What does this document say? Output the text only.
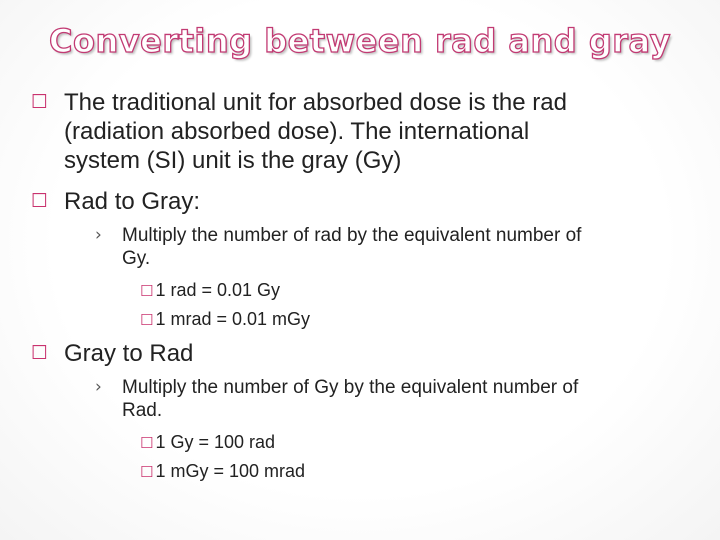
Converting between rad and gray
☐ The traditional unit for absorbed dose is the rad
(radiation absorbed dose). The international
system (SI) unit is the gray (Gy)
☐ Rad to Gray:
› Multiply the number of rad by the equivalent number of
Gy.
☐ 1 rad = 0.01 Gy
☐ 1 mrad = 0.01 mGy
☐ Gray to Rad
› Multiply the number of Gy by the equivalent number of
Rad.
☐ 1 Gy = 100 rad
☐ 1 mGy = 100 mrad
